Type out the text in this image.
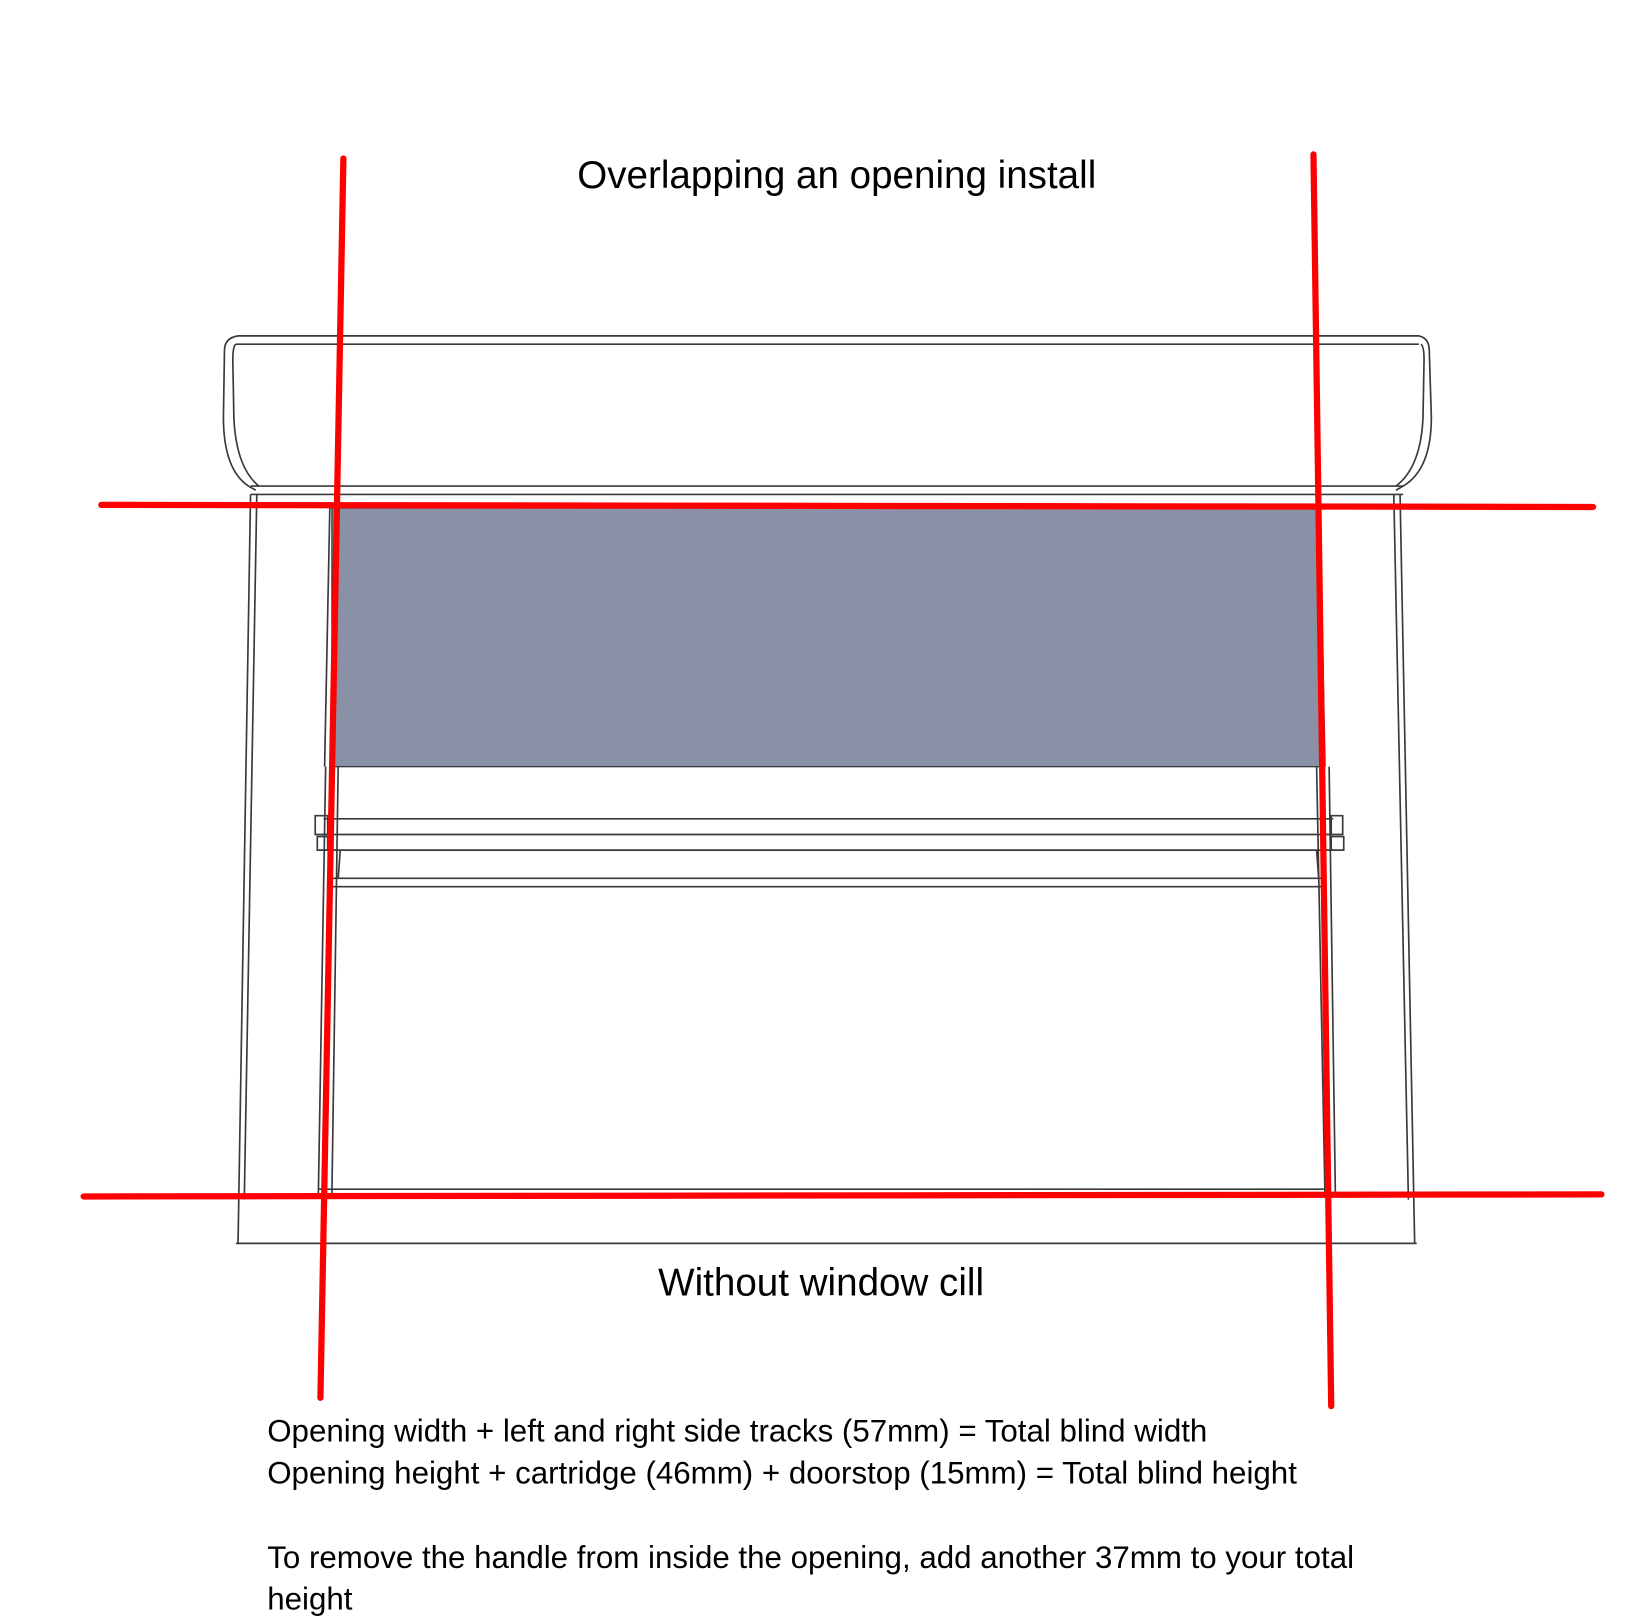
Overlapping an opening install
Without window cill
Opening width + left and right side tracks (57mm) = Total blind width
Opening height + cartridge (46mm) + doorstop (15mm) = Total blind height
To remove the handle from inside the opening, add another 37mm to your total
height
